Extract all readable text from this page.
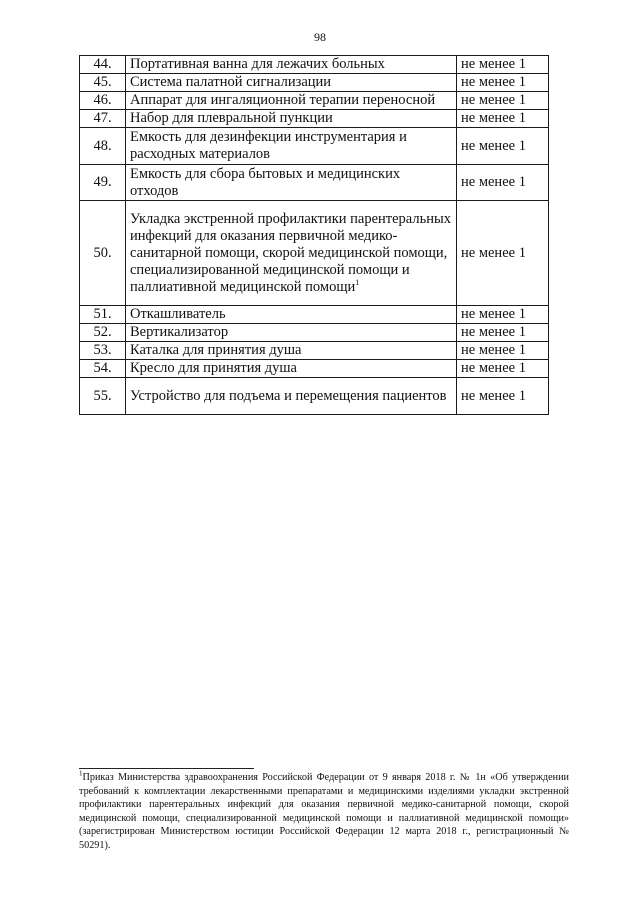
98
44.	Портативная ванна для лежачих больных	не менее 1
45.	Система палатной сигнализации	не менее 1
46.	Аппарат для ингаляционной терапии переносной	не менее 1
47.	Набор для плевральной пункции	не менее 1
48.	Емкость для дезинфекции инструментария и расходных материалов	не менее 1
49.	Емкость для сбора бытовых и медицинских отходов	не менее 1
50.	Укладка экстренной профилактики парентеральных инфекций для оказания первичной медико-санитарной помощи, скорой медицинской помощи, специализированной медицинской помощи и паллиативной медицинской помощи$^1$	не менее 1
51.	Откашливатель	не менее 1
52.	Вертикализатор	не менее 1
53.	Каталка для принятия душа	не менее 1
54.	Кресло для принятия душа	не менее 1
55.	Устройство для подъема и перемещения пациентов	не менее 1
$^1$Приказ Министерства здравоохранения Российской Федерации от 9 января 2018 г. № 1н «Об утверждении требований к комплектации лекарственными препаратами и медицинскими изделиями укладки экстренной профилактики парентеральных инфекций для оказания первичной медико-санитарной помощи, скорой медицинской помощи, специализированной медицинской помощи и паллиативной медицинской помощи» (зарегистрирован Министерством юстиции Российской Федерации 12 марта 2018 г., регистрационный № 50291).
